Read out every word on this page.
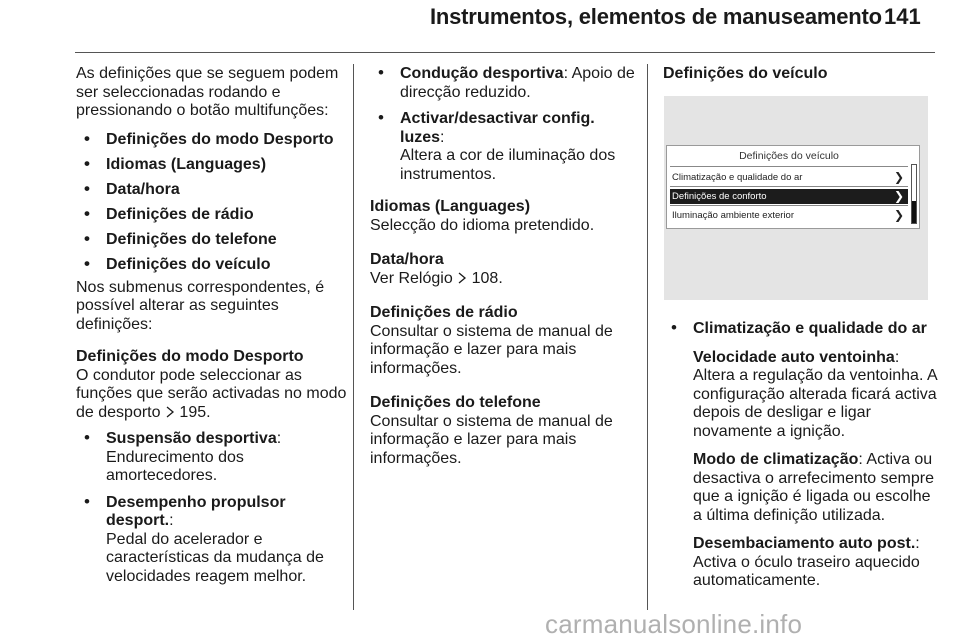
Instrumentos, elementos de manuseamento 141

As definições que se seguem podem ser seleccionadas rodando e pressionando o botão multifunções:

• Definições do modo Desporto
• Idiomas (Languages)
• Data/hora
• Definições de rádio
• Definições do telefone
• Definições do veículo

Nos submenus correspondentes, é possível alterar as seguintes definições:

Definições do modo Desporto

O condutor pode seleccionar as funções que serão activadas no modo de desporto 195.

• Suspensão desportiva:
Endurecimento dos amortecedores.
• Desempenho propulsor desport.:
Pedal do acelerador e características da mudança de velocidades reagem melhor.
• Condução desportiva: Apoio de direcção reduzido.
• Activar/desactivar config. luzes:
Altera a cor de iluminação dos instrumentos.

Idiomas (Languages)

Selecção do idioma pretendido.

Data/hora

Ver Relógio 108.

Definições de rádio

Consultar o sistema de manual de informação e lazer para mais informações.

Definições do telefone

Consultar o sistema de manual de informação e lazer para mais informações.

Definições do veículo

Definições do veículo
Climatização e qualidade do ar	❯
Definições de conforto	❯
Iluminação ambiente exterior	❯
• Climatização e qualidade do ar

Velocidade auto ventoinha:
Altera a regulação da ventoinha. A configuração alterada ficará activa depois de desligar e ligar novamente a ignição.

Modo de climatização: Activa ou desactiva o arrefecimento sempre que a ignição é ligada ou escolhe a última definição utilizada.

Desembaciamento auto post.:
Activa o óculo traseiro aquecido automaticamente.

carmanualsonline.info
